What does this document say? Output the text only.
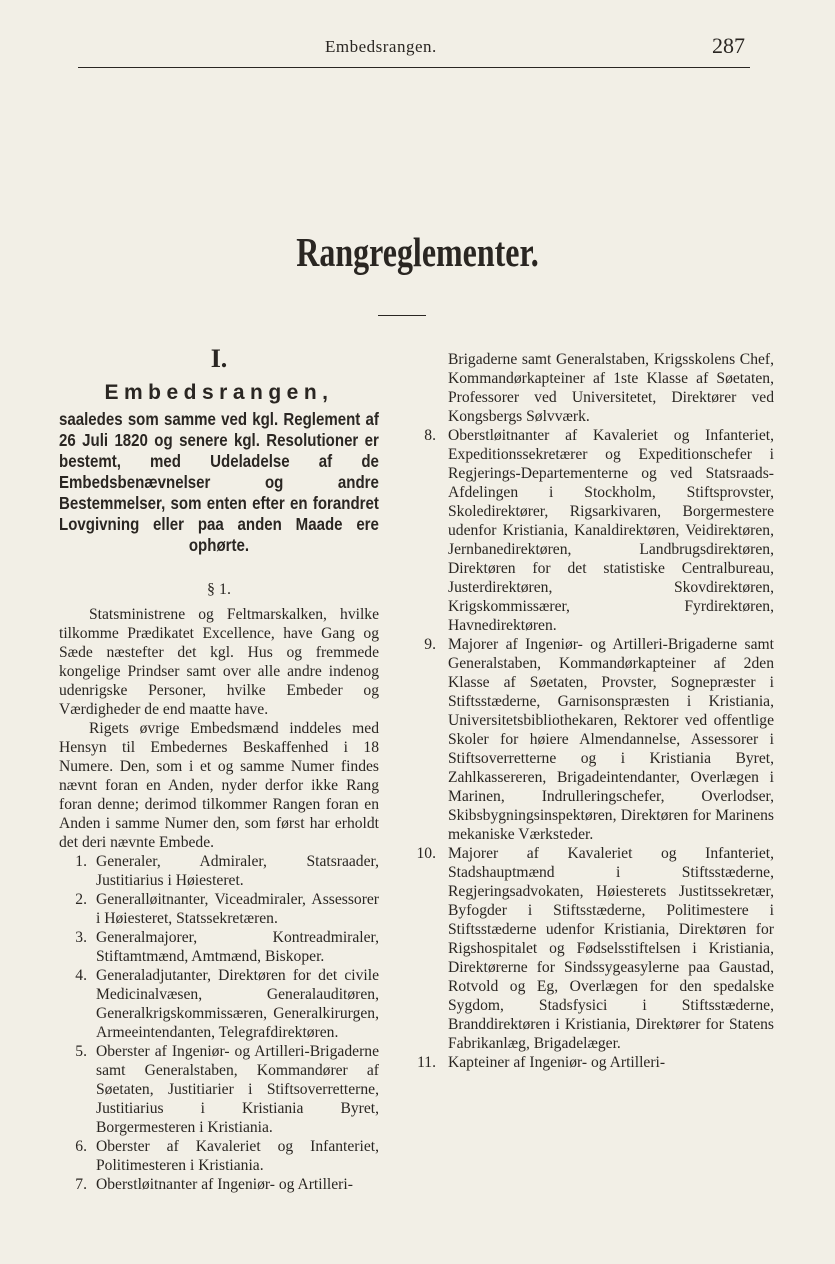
Embedsrangen.	287
Rangreglementer.
I.
Embedsrangen,
saaledes som samme ved kgl. Reglement af 26 Juli 1820 og senere kgl. Resolutioner er bestemt, med Udeladelse af de Embedsbenævnelser og andre Bestemmelser, som enten efter en forandret Lovgivning eller paa anden Maade ere ophørte.
§ 1.

Statsministrene og Feltmarskalken, hvilke tilkomme Prædikatet Excellence, have Gang og Sæde næstefter det kgl. Hus og fremmede kongelige Prindser samt over alle andre indenog udenrigske Personer, hvilke Embeder og Værdigheder de end maatte have.

Rigets øvrige Embedsmænd inddeles med Hensyn til Embedernes Beskaffenhed i 18 Numere. Den, som i et og samme Numer findes nævnt foran en Anden, nyder derfor ikke Rang foran denne; derimod tilkommer Rangen foran en Anden i samme Numer den, som først har erholdt det deri nævnte Embede.

1. Generaler, Admiraler, Statsraader, Justitiarius i Høiesteret.
2. Generalløitnanter, Viceadmiraler, Assessorer i Høiesteret, Statssekretæren.
3. Generalmajorer, Kontreadmiraler, Stiftamtmænd, Amtmænd, Biskoper.
4. Generaladjutanter, Direktøren for det civile Medicinalvæsen, Generalauditøren, Generalkrigskommissæren, Generalkirurgen, Armeeintendanten, Telegrafdirektøren.
5. Oberster af Ingeniør- og Artilleri-Brigaderne samt Generalstaben, Kommandører af Søetaten, Justitiarier i Stiftsoverretterne, Justitiarius i Kristiania Byret, Borgermesteren i Kristiania.
6. Oberster af Kavaleriet og Infanteriet, Politimesteren i Kristiania.
7. Oberstløitnanter af Ingeniør- og Artilleri-
Brigaderne samt Generalstaben, Krigsskolens Chef, Kommandørkapteiner af 1ste Klasse af Søetaten, Professorer ved Universitetet, Direktører ved Kongsbergs Sølvværk.
8. Oberstløitnanter af Kavaleriet og Infanteriet, Expeditionssekretærer og Expeditionschefer i Regjerings-Departementerne og ved Statsraads-Afdelingen i Stockholm, Stiftsprovster, Skoledirektører, Rigsarkivaren, Borgermestere udenfor Kristiania, Kanaldirektøren, Veidirektøren, Jernbanedirektøren, Landbrugsdirektøren, Direktøren for det statistiske Centralbureau, Justerdirektøren, Skovdirektøren, Krigskommissærer, Fyrdirektøren, Havnedirektøren.
9. Majorer af Ingeniør- og Artilleri-Brigaderne samt Generalstaben, Kommandørkapteiner af 2den Klasse af Søetaten, Provster, Sognepræster i Stiftsstæderne, Garnisonspræsten i Kristiania, Universitetsbibliothekaren, Rektorer ved offentlige Skoler for høiere Almendannelse, Assessorer i Stiftsoverretterne og i Kristiania Byret, Zahlkassereren, Brigadeintendanter, Overlægen i Marinen, Indrulleringschefer, Overlodser, Skibsbygningsinspektøren, Direktøren for Marinens mekaniske Værksteder.
10. Majorer af Kavaleriet og Infanteriet, Stadshauptmænd i Stiftsstæderne, Regjeringsadvokaten, Høiesterets Justitssekretær, Byfogder i Stiftsstæderne, Politimestere i Stiftsstæderne udenfor Kristiania, Direktøren for Rigshospitalet og Fødselsstiftelsen i Kristiania, Direktørerne for Sindssygeasylerne paa Gaustad, Rotvold og Eg, Overlægen for den spedalske Sygdom, Stadsfysici i Stiftsstæderne, Branddirektøren i Kristiania, Direktører for Statens Fabrikanlæg, Brigadelæger.
11. Kapteiner af Ingeniør- og Artilleri-
